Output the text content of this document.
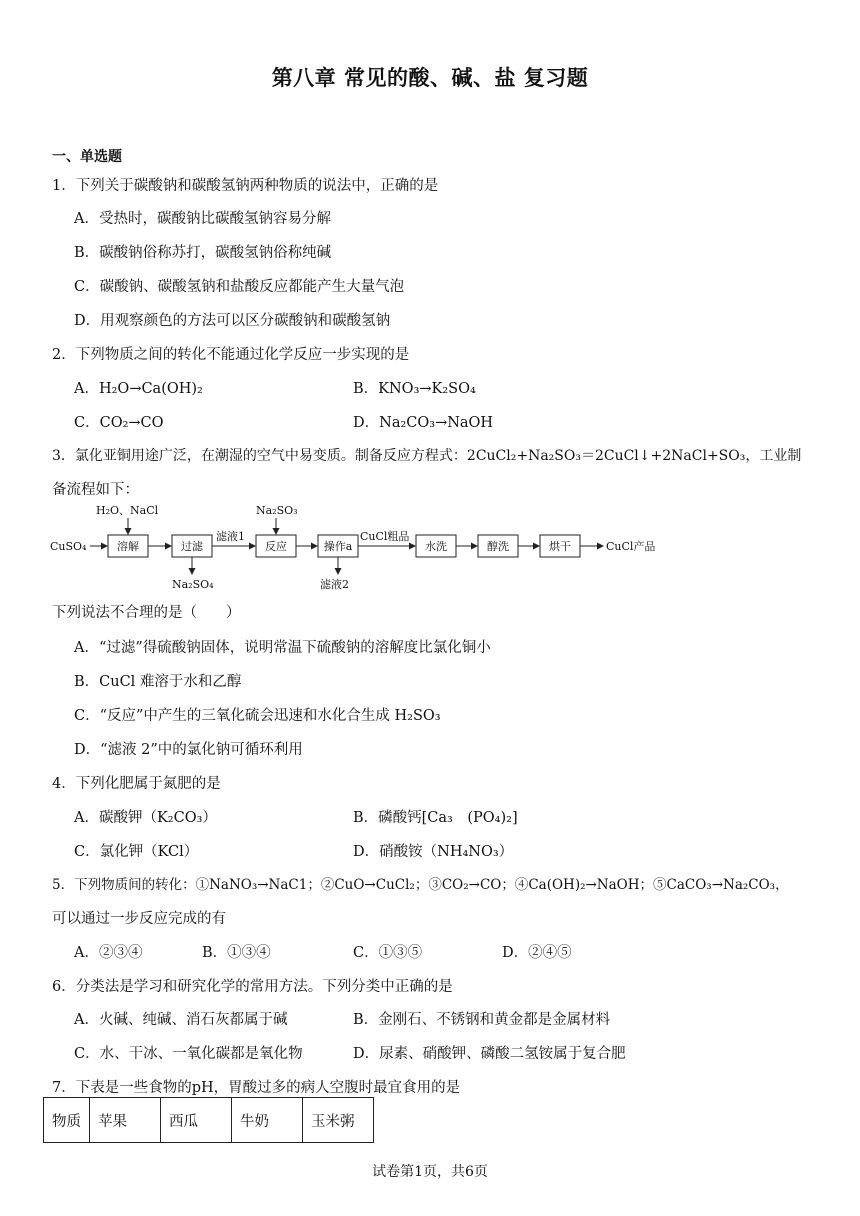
第八章 常见的酸、碱、盐 复习题
一、单选题
1．下列关于碳酸钠和碳酸氢钠两种物质的说法中，正确的是
A．受热时，碳酸钠比碳酸氢钠容易分解
B．碳酸钠俗称苏打，碳酸氢钠俗称纯碱
C．碳酸钠、碳酸氢钠和盐酸反应都能产生大量气泡
D．用观察颜色的方法可以区分碳酸钠和碳酸氢钠
2．下列物质之间的转化不能通过化学反应一步实现的是
A．H₂O→Ca(OH)₂	B．KNO₃→K₂SO₄
C．CO₂→CO	D．Na₂CO₃→NaOH
3．氯化亚铜用途广泛，在潮湿的空气中易变质。制备反应方程式：2CuCl₂+Na₂SO₃＝2CuCl↓+2NaCl+SO₃，工业制
备流程如下：
CuSO₄
H₂O、NaCl
溶解	过滤
Na₂SO₄
滤液1
Na₂SO₃
反应	操作a
滤液2
CuCl粗品
水洗	醇洗	烘干	CuCl产品
下列说法不合理的是（　　）
A．“过滤”得硫酸钠固体，说明常温下硫酸钠的溶解度比氯化铜小
B．CuCl 难溶于水和乙醇
C．“反应”中产生的三氧化硫会迅速和水化合生成 H₂SO₃
D．“滤液 2”中的氯化钠可循环利用
4．下列化肥属于氮肥的是
A．碳酸钾（K₂CO₃）	B．磷酸钙[Ca₃　(PO₄)₂]
C．氯化钾（KCl）	D．硝酸铵（NH₄NO₃）
5．下列物质间的转化：①NaNO₃→NaC1；②CuO→CuCl₂；③CO₂→CO；④Ca(OH)₂→NaOH；⑤CaCO₃→Na₂CO₃，
可以通过一步反应完成的有
A．②③④	B．①③④	C．①③⑤	D．②④⑤
6．分类法是学习和研究化学的常用方法。下列分类中正确的是
A．火碱、纯碱、消石灰都属于碱	B．金刚石、不锈钢和黄金都是金属材料
C．水、干冰、一氧化碳都是氧化物	D．尿素、硝酸钾、磷酸二氢铵属于复合肥
7．下表是一些食物的pH，胃酸过多的病人空腹时最宜食用的是
物质	苹果	西瓜	牛奶	玉米粥
试卷第1页，共6页
